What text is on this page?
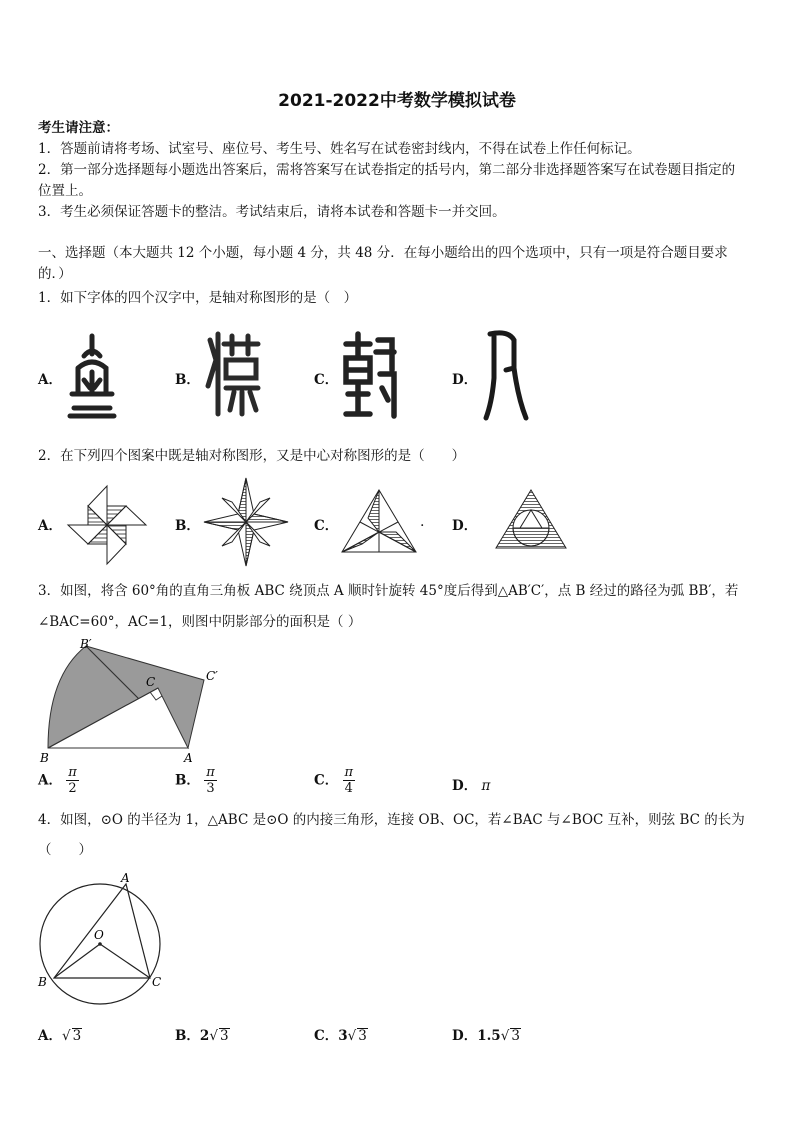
2021-2022中考数学模拟试卷
考生请注意：
1．答题前请将考场、试室号、座位号、考生号、姓名写在试卷密封线内，不得在试卷上作任何标记。
2．第一部分选择题每小题选出答案后，需将答案写在试卷指定的括号内，第二部分非选择题答案写在试卷题目指定的
位置上。
3．考生必须保证答题卡的整洁。考试结束后，请将本试卷和答题卡一并交回。
一、选择题（本大题共 12 个小题，每小题 4 分，共 48 分．在每小题给出的四个选项中，只有一项是符合题目要求
的．）
1．如下字体的四个汉字中，是轴对称图形的是（　）
A．	B．	C．	D．
2．在下列四个图案中既是轴对称图形，又是中心对称图形的是（　　）
A．	B．	C．	. D．
3．如图，将含 60°角的直角三角板 ABC 绕顶点 A 顺时针旋转 45°度后得到△AB′C′，点 B 经过的路径为弧 BB′，若
∠BAC=60°，AC=1，则图中阴影部分的面积是（ ）
B′
C′
C
B	A
A． $\frac{\pi}{2}$	B． $\frac{\pi}{3}$	C． $\frac{\pi}{4}$	D． π
4．如图，⊙O 的半径为 1，△ABC 是⊙O 的内接三角形，连接 OB、OC，若∠BAC 与∠BOC 互补，则弦 BC 的长为
（　　）
A
O
B	C
A．√ 3	B．2√ 3	C．3√ 3	D．1.5√ 3
